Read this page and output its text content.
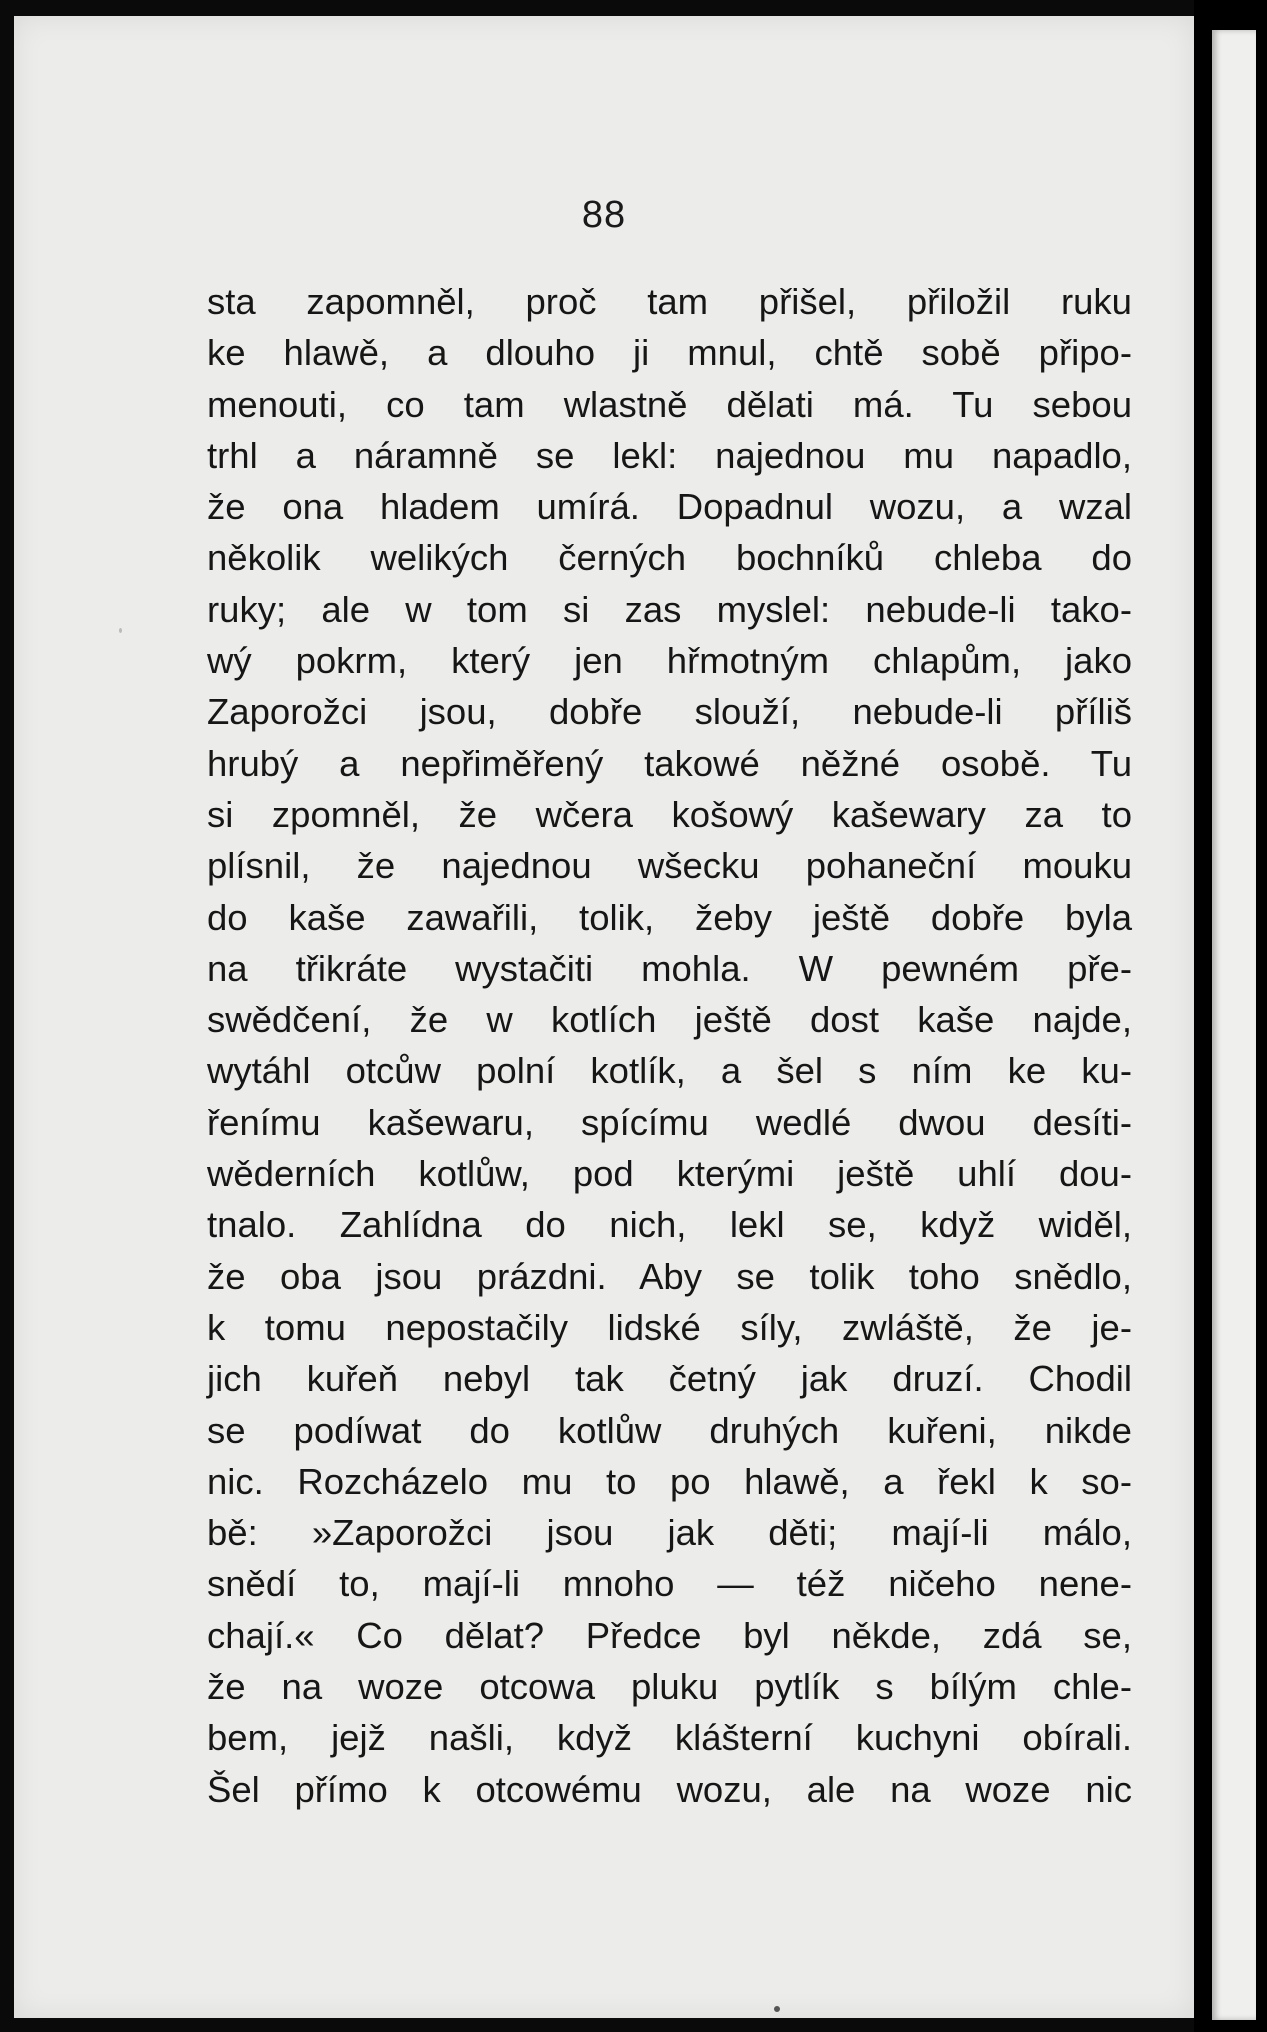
88
sta zapomněl, proč tam přišel, přiložil ruku
ke hlawě, a dlouho ji mnul, chtě sobě připo-
menouti, co tam wlastně dělati má. Tu sebou
trhl a náramně se lekl: najednou mu napadlo,
že ona hladem umírá. Dopadnul wozu, a wzal
několik welikých černých bochníků chleba do
ruky; ale w tom si zas myslel: nebude-li tako-
wý pokrm, který jen hřmotným chlapům, jako
Zaporožci jsou, dobře slouží, nebude-li příliš
hrubý a nepřiměřený takowé něžné osobě. Tu
si zpomněl, že wčera košowý kašewary za to
plísnil, že najednou wšecku pohaneční mouku
do kaše zawařili, tolik, žeby ještě dobře byla
na třikráte wystačiti mohla. W pewném pře-
swědčení, že w kotlích ještě dost kaše najde,
wytáhl otcůw polní kotlík, a šel s ním ke ku-
řenímu kašewaru, spícímu wedlé dwou desíti-
wěderních kotlůw, pod kterými ještě uhlí dou-
tnalo. Zahlídna do nich, lekl se, když widěl,
že oba jsou prázdni. Aby se tolik toho snědlo,
k tomu nepostačily lidské síly, zwláště, že je-
jich kuřeň nebyl tak četný jak druzí. Chodil
se podíwat do kotlůw druhých kuřeni, nikde
nic. Rozcházelo mu to po hlawě, a řekl k so-
bě: »Zaporožci jsou jak děti; mají-li málo,
snědí to, mají-li mnoho — též ničeho nene-
chají.« Co dělat? Předce byl někde, zdá se,
že na woze otcowa pluku pytlík s bílým chle-
bem, jejž našli, když klášterní kuchyni obírali.
Šel přímo k otcowému wozu, ale na woze nic
